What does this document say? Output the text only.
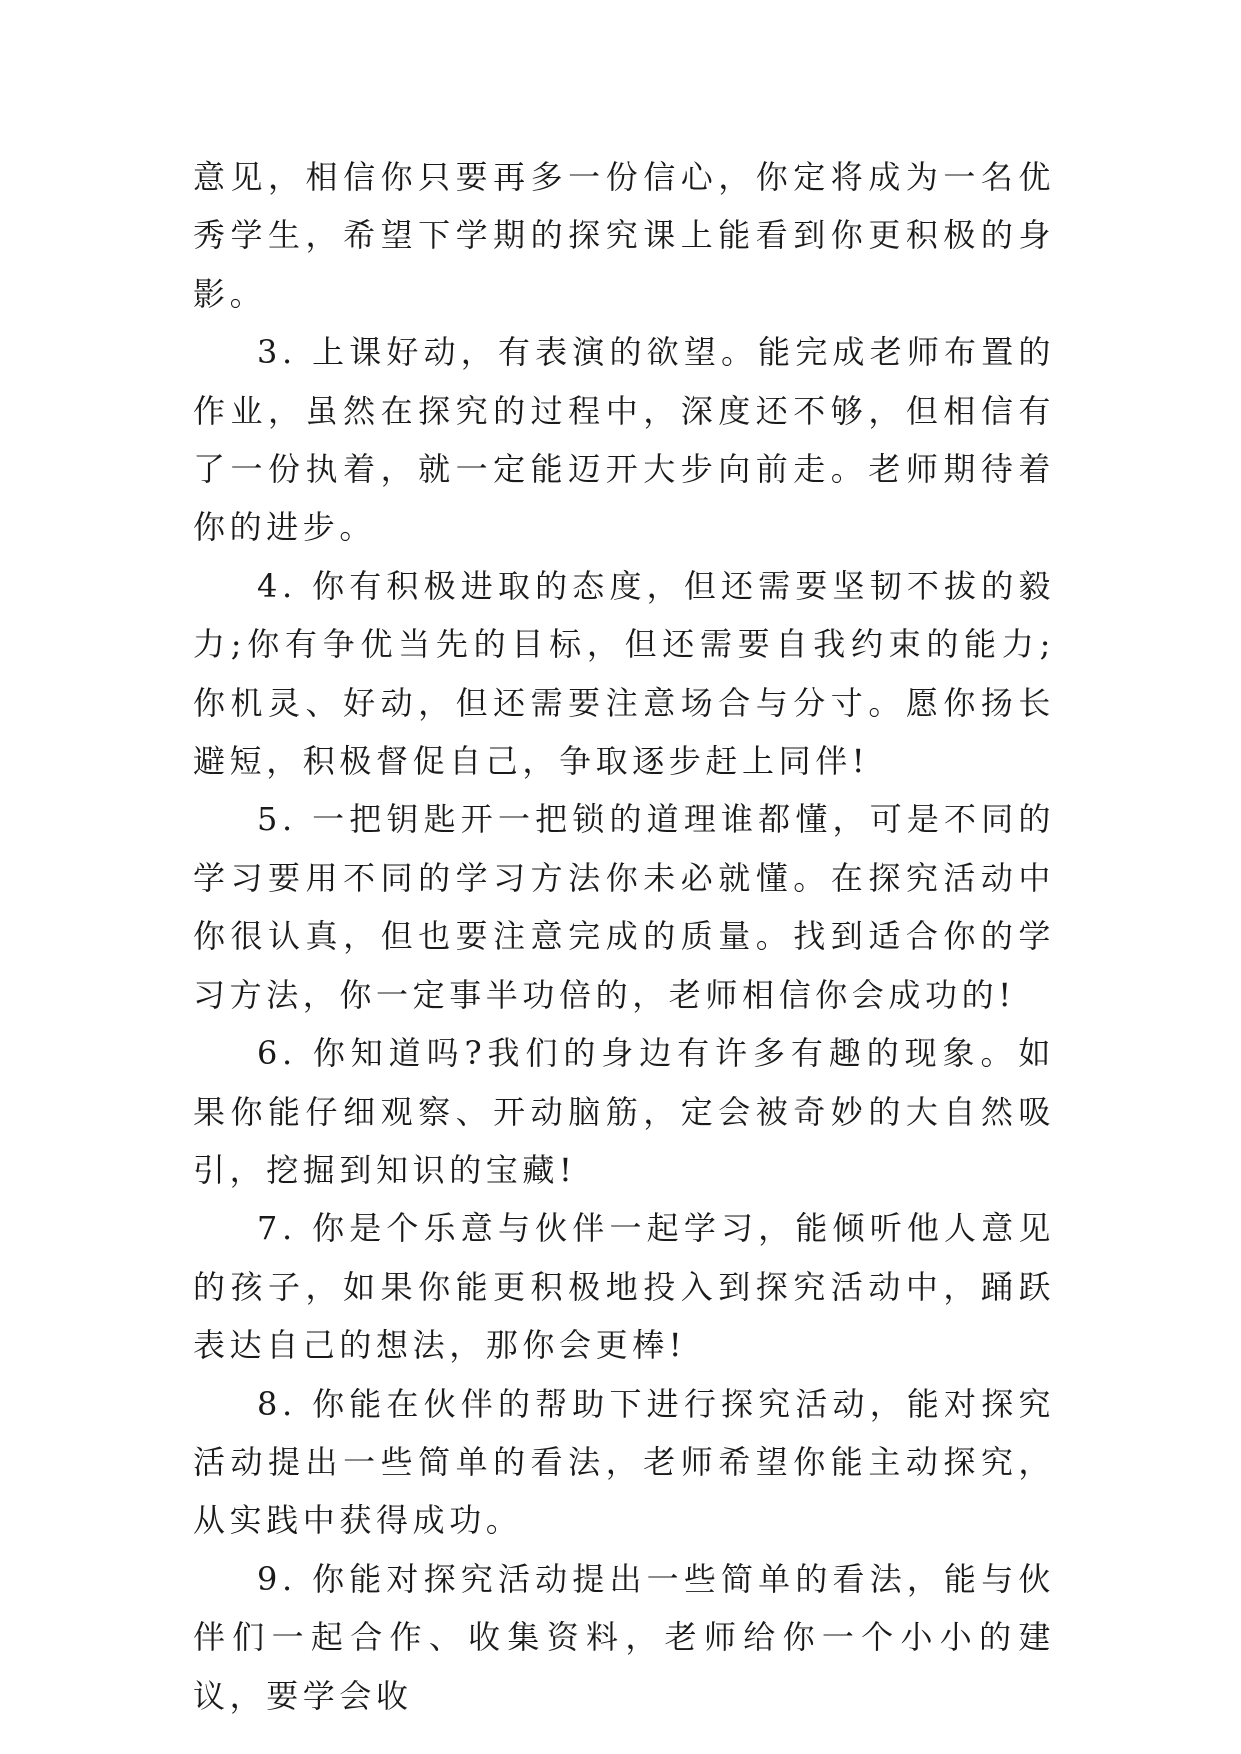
意见，相信你只要再多一份信心，你定将成为一名优秀学生，希望下学期的探究课上能看到你更积极的身影。

3. 上课好动，有表演的欲望。能完成老师布置的作业，虽然在探究的过程中，深度还不够，但相信有了一份执着，就一定能迈开大步向前走。老师期待着你的进步。

4. 你有积极进取的态度，但还需要坚韧不拔的毅力;你有争优当先的目标，但还需要自我约束的能力;你机灵、好动，但还需要注意场合与分寸。愿你扬长避短，积极督促自己，争取逐步赶上同伴!

5. 一把钥匙开一把锁的道理谁都懂，可是不同的学习要用不同的学习方法你未必就懂。在探究活动中你很认真，但也要注意完成的质量。找到适合你的学习方法，你一定事半功倍的，老师相信你会成功的!

6. 你知道吗?我们的身边有许多有趣的现象。如果你能仔细观察、开动脑筋，定会被奇妙的大自然吸引，挖掘到知识的宝藏!

7. 你是个乐意与伙伴一起学习，能倾听他人意见的孩子，如果你能更积极地投入到探究活动中，踊跃表达自己的想法，那你会更棒!

8. 你能在伙伴的帮助下进行探究活动，能对探究活动提出一些简单的看法，老师希望你能主动探究，从实践中获得成功。

9. 你能对探究活动提出一些简单的看法，能与伙伴们一起合作、收集资料，老师给你一个小小的建议，要学会收
